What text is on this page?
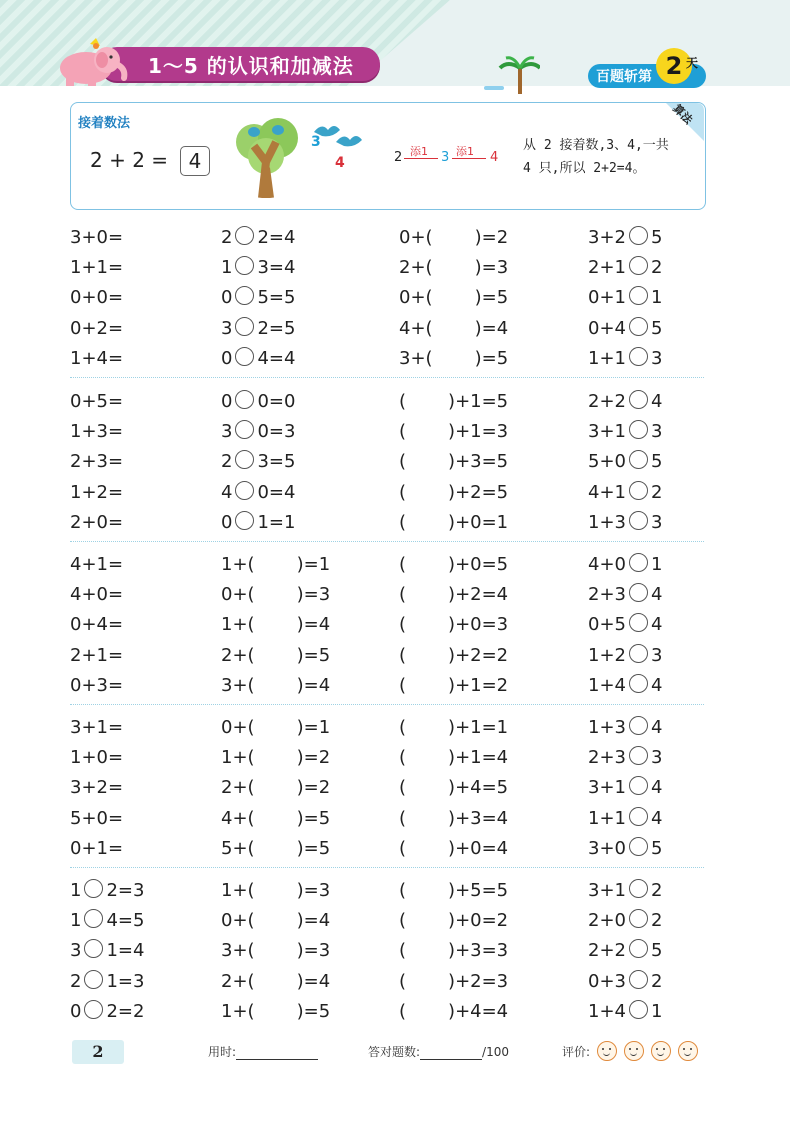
1～5 的认识和加减法	百题斩第 2 天
接着数法
2 + 2 =	4
3
4
算法
2 添1 3 添1 4
从 2 接着数,3、4,一共
4 只,所以 2+2=4。
3+0=	2 2=4	0+( )=2	3+2 5
1+1=	1 3=4	2+( )=3	2+1 2
0+0=	0 5=5	0+( )=5	0+1 1
0+2=	3 2=5	4+( )=4	0+4 5
1+4=	0 4=4	3+( )=5	1+1 3
0+5=	0 0=0	( )+1=5	2+2 4
1+3=	3 0=3	( )+1=3	3+1 3
2+3=	2 3=5	( )+3=5	5+0 5
1+2=	4 0=4	( )+2=5	4+1 2
2+0=	0 1=1	( )+0=1	1+3 3
4+1=	1+( )=1	( )+0=5	4+0 1
4+0=	0+( )=3	( )+2=4	2+3 4
0+4=	1+( )=4	( )+0=3	0+5 4
2+1=	2+( )=5	( )+2=2	1+2 3
0+3=	3+( )=4	( )+1=2	1+4 4
3+1=	0+( )=1	( )+1=1	1+3 4
1+0=	1+( )=2	( )+1=4	2+3 3
3+2=	2+( )=2	( )+4=5	3+1 4
5+0=	4+( )=5	( )+3=4	1+1 4
0+1=	5+( )=5	( )+0=4	3+0 5
1 2=3	1+( )=3	( )+5=5	3+1 2
1 4=5	0+( )=4	( )+0=2	2+0 2
3 1=4	3+( )=3	( )+3=3	2+2 5
2 1=3	2+( )=4	( )+2=3	0+3 2
0 2=2	1+( )=5	( )+4=4	1+4 1
2	用时:	答对题数:	/100	评价:
